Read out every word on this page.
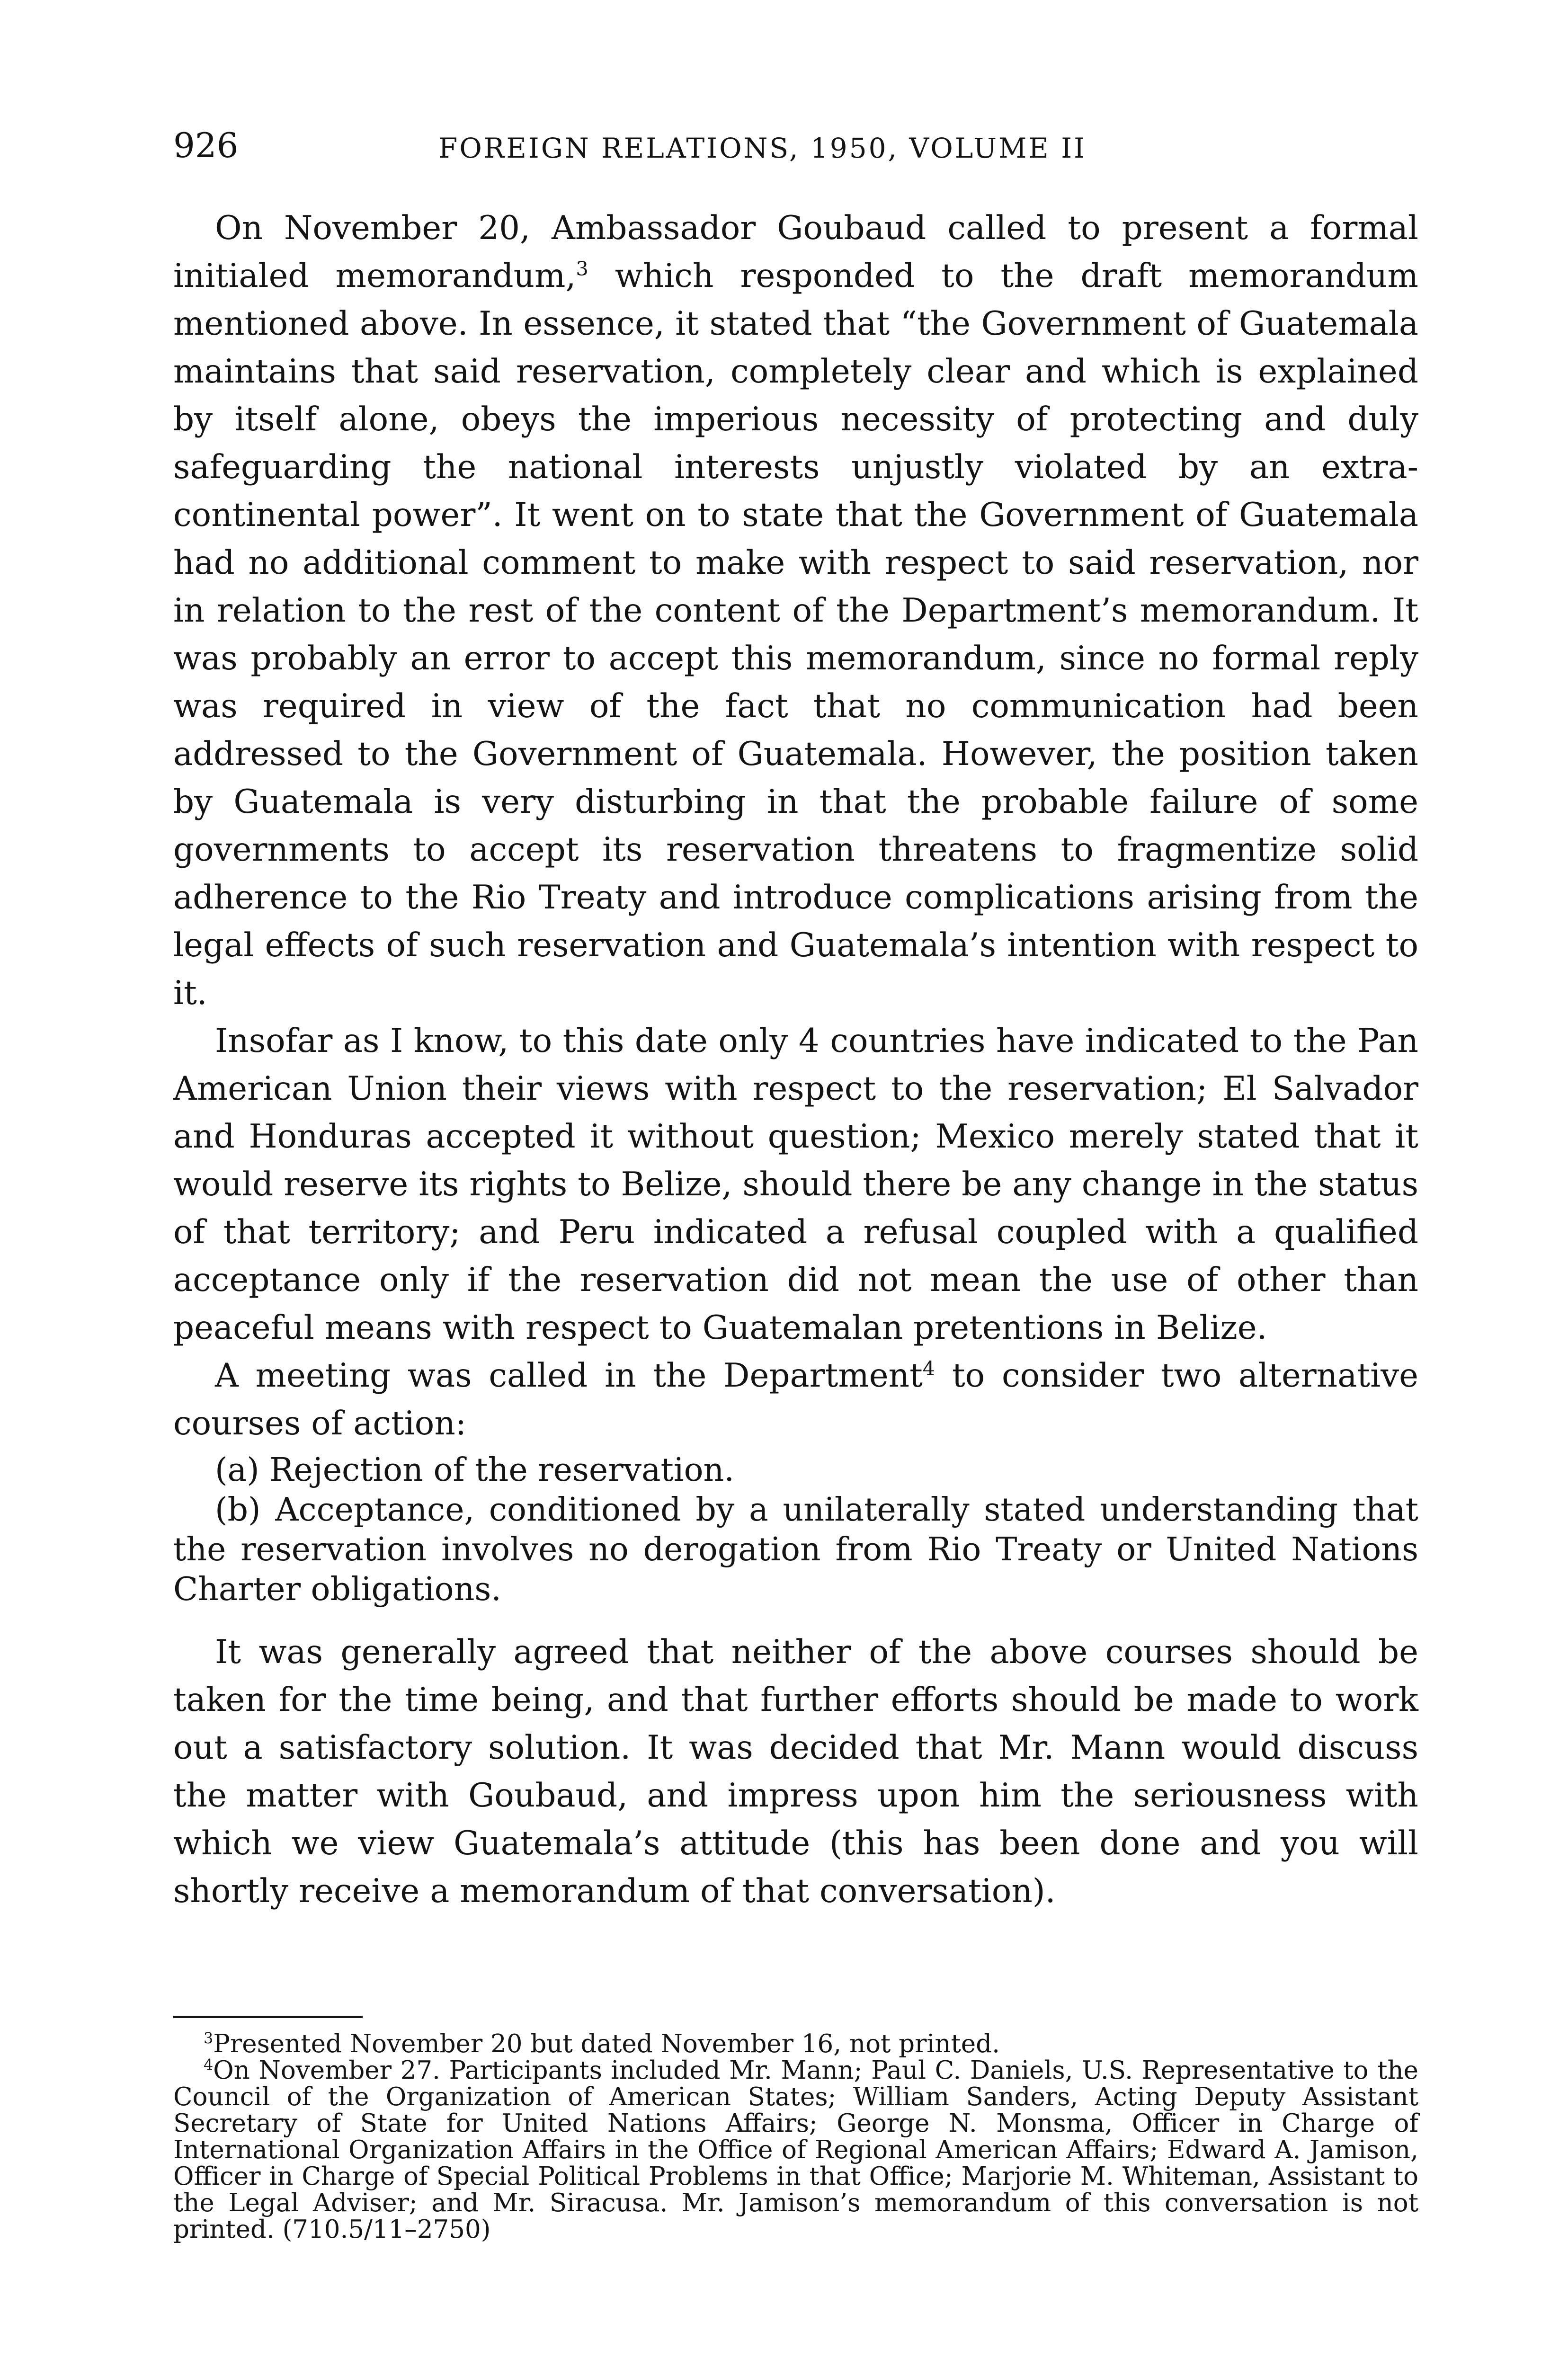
926	FOREIGN RELATIONS, 1950, VOLUME II

On November 20, Ambassador Goubaud called to present a formal initialed memorandum,$^3$ which responded to the draft memorandum mentioned above. In essence, it stated that “the Government of Guatemala maintains that said reservation, completely clear and which is explained by itself alone, obeys the imperious necessity of protecting and duly safeguarding the national interests unjustly violated by an extra-continental power”. It went on to state that the Government of Guatemala had no additional comment to make with respect to said reservation, nor in relation to the rest of the content of the Department’s memorandum. It was probably an error to accept this memorandum, since no formal reply was required in view of the fact that no communication had been addressed to the Government of Guatemala. However, the position taken by Guatemala is very disturbing in that the probable failure of some governments to accept its reservation threatens to fragmentize solid adherence to the Rio Treaty and introduce complications arising from the legal effects of such reservation and Guatemala’s intention with respect to it.

Insofar as I know, to this date only 4 countries have indicated to the Pan American Union their views with respect to the reservation; El Salvador and Honduras accepted it without question; Mexico merely stated that it would reserve its rights to Belize, should there be any change in the status of that territory; and Peru indicated a refusal coupled with a qualified acceptance only if the reservation did not mean the use of other than peaceful means with respect to Guatemalan pretentions in Belize.

A meeting was called in the Department$^4$ to consider two alternative courses of action:

(a) Rejection of the reservation.

(b) Acceptance, conditioned by a unilaterally stated understanding that the reservation involves no derogation from Rio Treaty or United Nations Charter obligations.

It was generally agreed that neither of the above courses should be taken for the time being, and that further efforts should be made to work out a satisfactory solution. It was decided that Mr. Mann would discuss the matter with Goubaud, and impress upon him the seriousness with which we view Guatemala’s attitude (this has been done and you will shortly receive a memorandum of that conversation).

$^3$Presented November 20 but dated November 16, not printed.

$^4$On November 27. Participants included Mr. Mann; Paul C. Daniels, U.S. Representative to the Council of the Organization of American States; William Sanders, Acting Deputy Assistant Secretary of State for United Nations Affairs; George N. Monsma, Officer in Charge of International Organization Affairs in the Office of Regional American Affairs; Edward A. Jamison, Officer in Charge of Special Political Problems in that Office; Marjorie M. Whiteman, Assistant to the Legal Adviser; and Mr. Siracusa. Mr. Jamison’s memorandum of this conversation is not printed. (710.5/11–2750)
